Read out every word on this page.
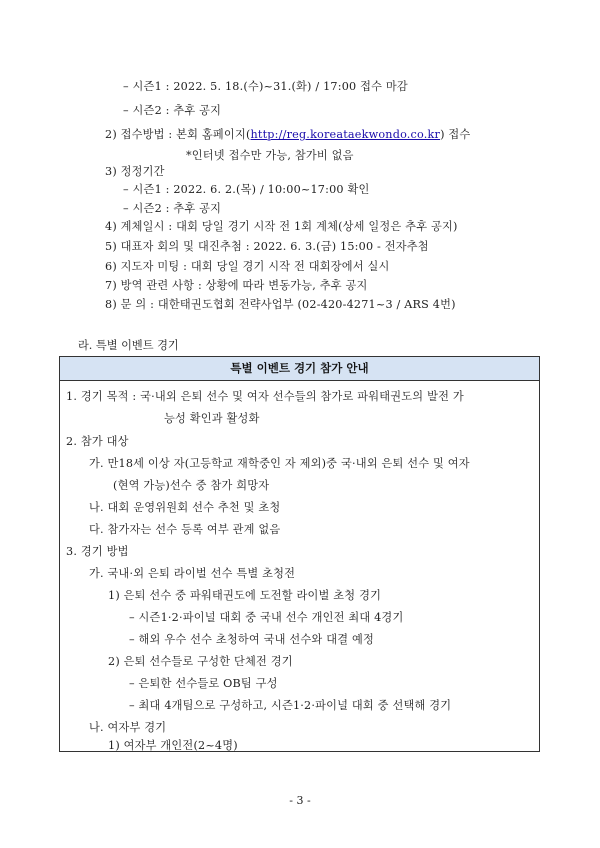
– 시즌1 : 2022. 5. 18.(수)~31.(화) / 17:00 접수 마감
– 시즌2 : 추후 공지
2) 접수방법 : 본회 홈페이지(http://reg.koreataekwondo.co.kr) 접수
*인터넷 접수만 가능, 참가비 없음
3) 정정기간
– 시즌1 : 2022. 6. 2.(목) / 10:00~17:00 확인
– 시즌2 : 추후 공지
4) 계체일시 : 대회 당일 경기 시작 전 1회 계체(상세 일정은 추후 공지)
5) 대표자 회의 및 대진추첨 : 2022. 6. 3.(금) 15:00 - 전자추첨
6) 지도자 미팅 : 대회 당일 경기 시작 전 대회장에서 실시
7) 방역 관련 사항 : 상황에 따라 변동가능, 추후 공지
8) 문 의 : 대한태권도협회 전략사업부 (02-420-4271~3 / ARS 4번)
라. 특별 이벤트 경기
특별 이벤트 경기 참가 안내
1. 경기 목적 : 국·내외 은퇴 선수 및 여자 선수들의 참가로 파워태권도의 발전 가
능성 확인과 활성화
2. 참가 대상
가. 만18세 이상 자(고등학교 재학중인 자 제외)중 국·내외 은퇴 선수 및 여자
(현역 가능)선수 중 참가 희망자
나. 대회 운영위원회 선수 추천 및 초청
다. 참가자는 선수 등록 여부 관계 없음
3. 경기 방법
가. 국내·외 은퇴 라이벌 선수 특별 초청전
1) 은퇴 선수 중 파워태권도에 도전할 라이벌 초청 경기
– 시즌1·2·파이널 대회 중 국내 선수 개인전 최대 4경기
– 해외 우수 선수 초청하여 국내 선수와 대결 예정
2) 은퇴 선수들로 구성한 단체전 경기
– 은퇴한 선수들로 OB팀 구성
– 최대 4개팀으로 구성하고, 시즌1·2·파이널 대회 중 선택해 경기
나. 여자부 경기
1) 여자부 개인전(2~4명)
- 3 -
